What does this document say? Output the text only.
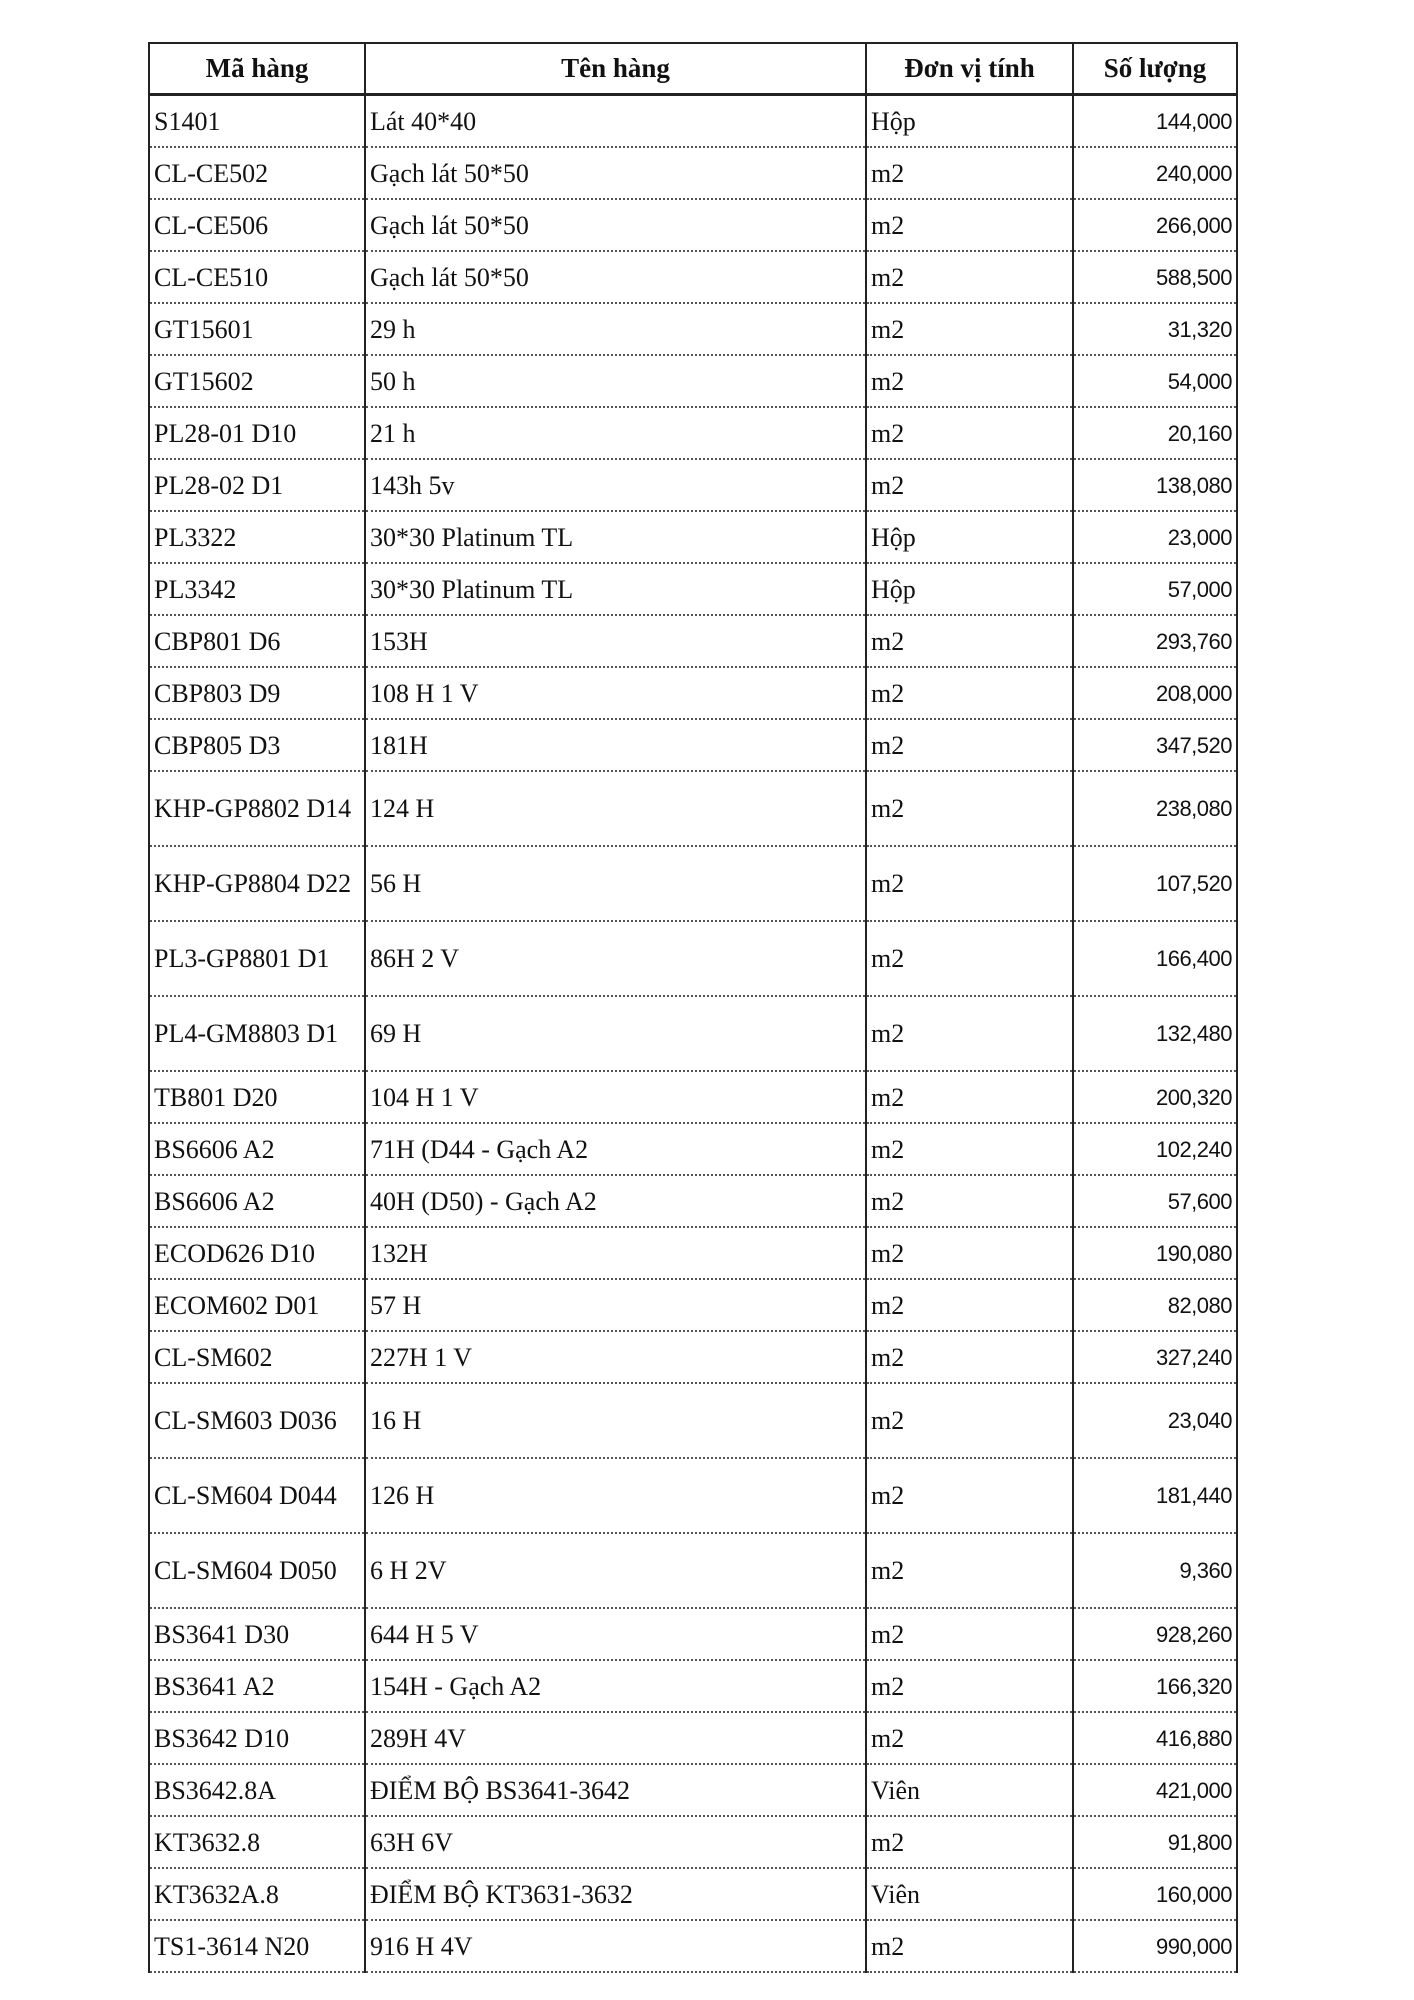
Mã hàng	Tên hàng	Đơn vị tính	Số lượng
S1401	Lát 40*40	Hộp	144,000
CL-CE502	Gạch lát 50*50	m2	240,000
CL-CE506	Gạch lát 50*50	m2	266,000
CL-CE510	Gạch lát 50*50	m2	588,500
GT15601	29 h	m2	31,320
GT15602	50 h	m2	54,000
PL28-01 D10	21 h	m2	20,160
PL28-02 D1	143h 5v	m2	138,080
PL3322	30*30 Platinum TL	Hộp	23,000
PL3342	30*30 Platinum TL	Hộp	57,000
CBP801 D6	153H	m2	293,760
CBP803 D9	108 H 1 V	m2	208,000
CBP805 D3	181H	m2	347,520
KHP-GP8802 D14	124 H	m2	238,080
KHP-GP8804 D22	56 H	m2	107,520
PL3-GP8801 D1	86H 2 V	m2	166,400
PL4-GM8803 D1	69 H	m2	132,480
TB801 D20	104 H 1 V	m2	200,320
BS6606 A2	71H (D44 - Gạch A2	m2	102,240
BS6606 A2	40H (D50) - Gạch A2	m2	57,600
ECOD626 D10	132H	m2	190,080
ECOM602 D01	57 H	m2	82,080
CL-SM602	227H 1 V	m2	327,240
CL-SM603 D036	16 H	m2	23,040
CL-SM604 D044	126 H	m2	181,440
CL-SM604 D050	6 H 2V	m2	9,360
BS3641 D30	644 H 5 V	m2	928,260
BS3641 A2	154H - Gạch A2	m2	166,320
BS3642 D10	289H 4V	m2	416,880
BS3642.8A	ĐIỂM BỘ BS3641-3642	Viên	421,000
KT3632.8	63H 6V	m2	91,800
KT3632A.8	ĐIỂM BỘ KT3631-3632	Viên	160,000
TS1-3614 N20	916 H 4V	m2	990,000
